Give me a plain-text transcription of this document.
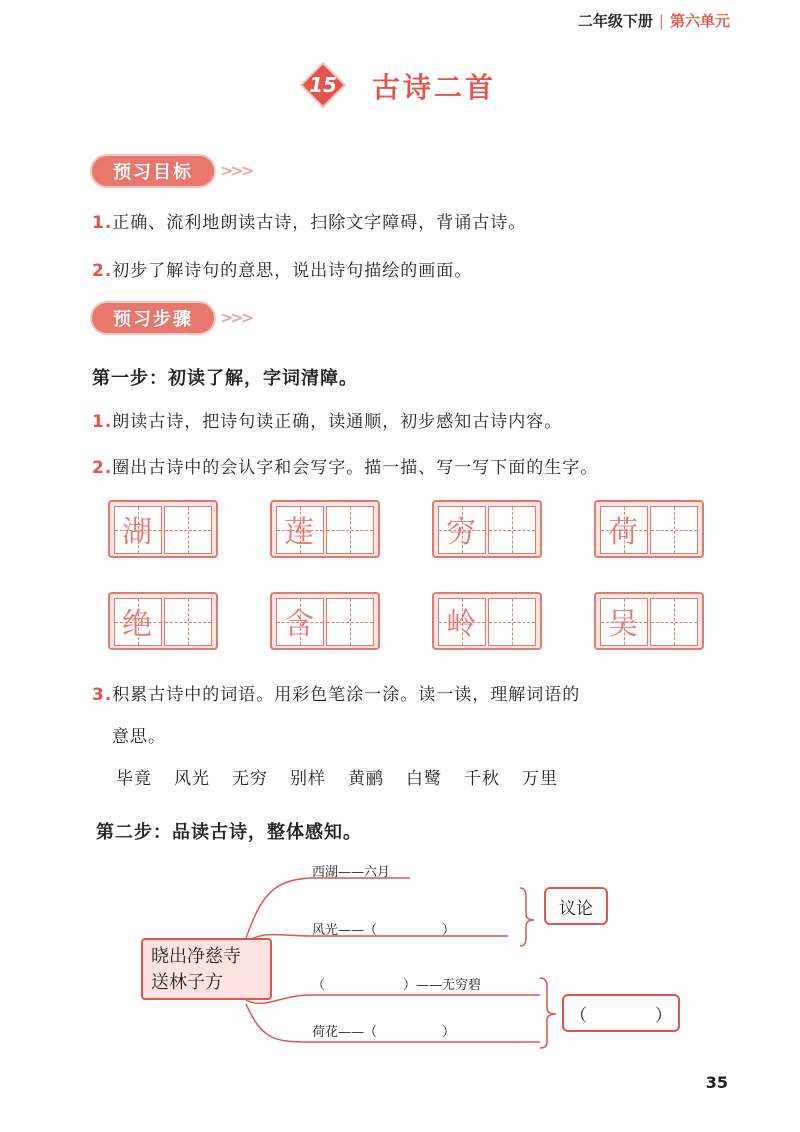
二年级下册 | 第六单元
15	古诗二首
预习目标	>>>
1.正确、流利地朗读古诗，扫除文字障碍，背诵古诗。
2.初步了解诗句的意思，说出诗句描绘的画面。
预习步骤	>>>
第一步：初读了解，字词清障。
1.朗读古诗，把诗句读正确，读通顺，初步感知古诗内容。
2.圈出古诗中的会认字和会写字。描一描、写一写下面的生字。
湖	莲	穷	荷
绝	含	岭	吴
3.积累古诗中的词语。用彩色笔涂一涂。读一读，理解词语的
意思。
毕竟 风光 无穷 别样 黄鹂 白鹭 千秋 万里
第二步：品读古诗，整体感知。
晓出净慈寺
送林子方
西湖——六月
风光——（　　　　　）
（　　　　　　）——无穷碧
荷花——（　　　　　）
议论
（　　　　）
35
